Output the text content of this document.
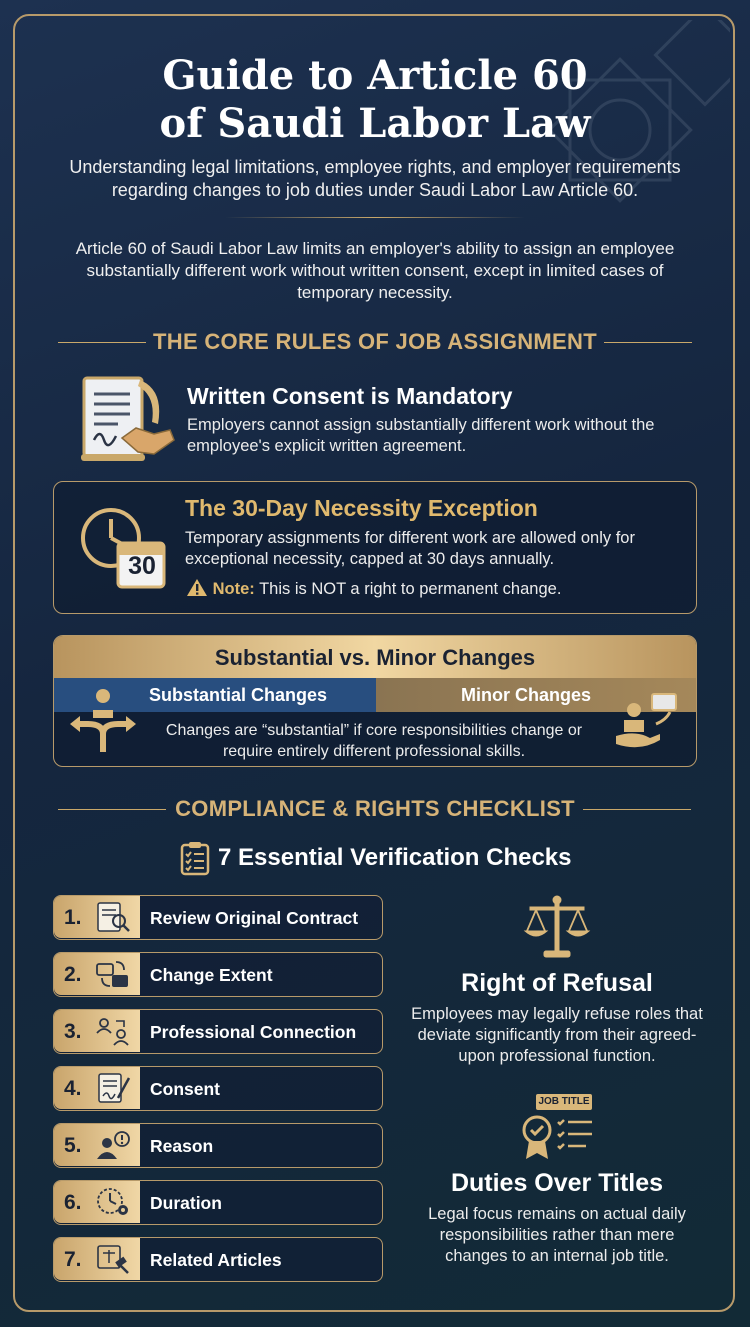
Guide to Article 60
of Saudi Labor Law
Understanding legal limitations, employee rights, and employer requirements regarding changes to job duties under Saudi Labor Law Article 60.
Article 60 of Saudi Labor Law limits an employer's ability to assign an employee substantially different work without written consent, except in limited cases of temporary necessity.
THE CORE RULES OF JOB ASSIGNMENT
Written Consent is Mandatory
Employers cannot assign substantially different work without the employee's explicit written agreement.
30
The 30-Day Necessity Exception
Temporary assignments for different work are allowed only for exceptional necessity, capped at 30 days annually.
Note: This is NOT a right to permanent change.
Substantial vs. Minor Changes
Substantial Changes	Minor Changes
Changes are “substantial” if core responsibilities change or require entirely different professional skills.
COMPLIANCE & RIGHTS CHECKLIST
7 Essential Verification Checks
1.	Review Original Contract
2.	Change Extent
3.	Professional Connection
4.	Consent
5.	Reason
6.	Duration
7.	Related Articles
Right of Refusal
Employees may legally refuse roles that deviate significantly from their agreed-upon professional function.
JOB TITLE
Duties Over Titles
Legal focus remains on actual daily responsibilities rather than mere changes to an internal job title.
